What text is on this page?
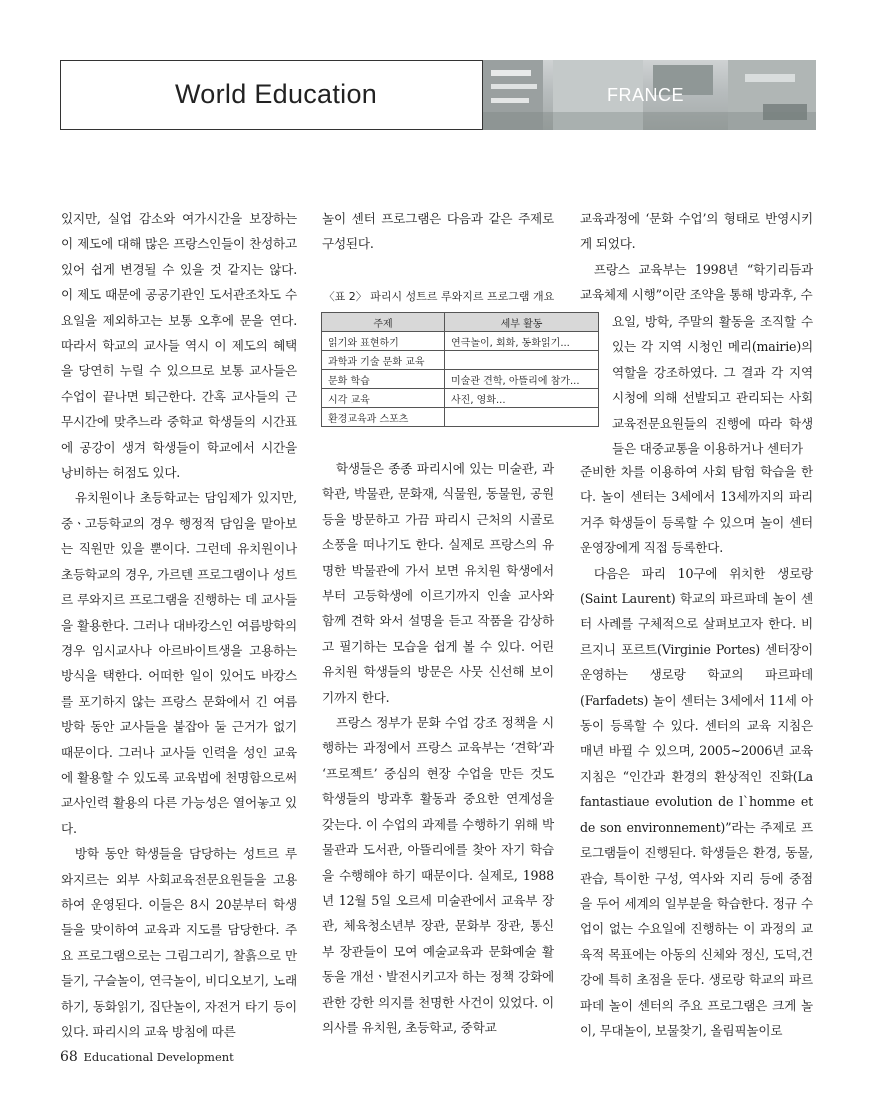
World Education	FRANCE

있지만, 실업 감소와 여가시간을 보장하는 이 제도에 대해 많은 프랑스인들이 찬성하고 있어 쉽게 변경될 수 있을 것 같지는 않다. 이 제도 때문에 공공기관인 도서관조차도 수요일을 제외하고는 보통 오후에 문을 연다. 따라서 학교의 교사들 역시 이 제도의 혜택을 당연히 누릴 수 있으므로 보통 교사들은 수업이 끝나면 퇴근한다. 간혹 교사들의 근무시간에 맞추느라 중학교 학생들의 시간표에 공강이 생겨 학생들이 학교에서 시간을 낭비하는 허점도 있다.

유치원이나 초등학교는 담임제가 있지만, 중ㆍ고등학교의 경우 행정적 담임을 맡아보는 직원만 있을 뿐이다. 그런데 유치원이나 초등학교의 경우, 가르텐 프로그램이나 성트르 루와지르 프로그램을 진행하는 데 교사들을 활용한다. 그러나 대바캉스인 여름방학의 경우 임시교사나 아르바이트생을 고용하는 방식을 택한다. 어떠한 일이 있어도 바캉스를 포기하지 않는 프랑스 문화에서 긴 여름방학 동안 교사들을 붙잡아 둘 근거가 없기 때문이다. 그러나 교사들 인력을 성인 교육에 활용할 수 있도록 교육법에 천명함으로써 교사인력 활용의 다른 가능성은 열어놓고 있다.

방학 동안 학생들을 담당하는 성트르 루와지르는 외부 사회교육전문요원들을 고용하여 운영된다. 이들은 8시 20분부터 학생들을 맞이하여 교육과 지도를 담당한다. 주요 프로그램으로는 그림그리기, 찰흙으로 만들기, 구슬놀이, 연극놀이, 비디오보기, 노래하기, 동화읽기, 집단놀이, 자전거 타기 등이 있다. 파리시의 교육 방침에 따른

놀이 센터 프로그램은 다음과 같은 주제로 구성된다.

〈표 2〉 파리시 성트르 루와지르 프로그램 개요
주제	세부 활동
읽기와 표현하기	연극놀이, 회화, 동화읽기...
과학과 기술 문화 교육	
문화 학습	미술관 견학, 아뜰리에 참가...
시각 교육	사진, 영화...
환경교육과 스포츠	

학생들은 종종 파리시에 있는 미술관, 과학관, 박물관, 문화재, 식물원, 동물원, 공원 등을 방문하고 가끔 파리시 근처의 시골로 소풍을 떠나기도 한다. 실제로 프랑스의 유명한 박물관에 가서 보면 유치원 학생에서부터 고등학생에 이르기까지 인솔 교사와 함께 견학 와서 설명을 듣고 작품을 감상하고 필기하는 모습을 쉽게 볼 수 있다. 어린 유치원 학생들의 방문은 사뭇 신선해 보이기까지 한다.

프랑스 정부가 문화 수업 강조 정책을 시행하는 과정에서 프랑스 교육부는 ‘견학’과 ‘프로젝트’ 중심의 현장 수업을 만든 것도 학생들의 방과후 활동과 중요한 연계성을 갖는다. 이 수업의 과제를 수행하기 위해 박물관과 도서관, 아뜰리에를 찾아 자기 학습을 수행해야 하기 때문이다. 실제로, 1988년 12월 5일 오르세 미술관에서 교육부 장관, 체육청소년부 장관, 문화부 장관, 통신부 장관들이 모여 예술교육과 문화예술 활동을 개선ㆍ발전시키고자 하는 정책 강화에 관한 강한 의지를 천명한 사건이 있었다. 이 의사를 유치원, 초등학교, 중학교

교육과정에 ‘문화 수업’의 형태로 반영시키게 되었다.

프랑스 교육부는 1998년 “학기리듬과 교육체제 시행”이란 조약을 통해 방과후, 수

요일, 방학, 주말의 활동을 조직할 수 있는 각 지역 시청인 메리(mairie)의 역할을 강조하였다. 그 결과 각 지역 시청에 의해 선발되고 관리되는 사회교육전문요원들의 진행에 따라 학생들은 대중교통을 이용하거나 센터가

준비한 차를 이용하여 사회 탐험 학습을 한다. 놀이 센터는 3세에서 13세까지의 파리 거주 학생들이 등록할 수 있으며 놀이 센터 운영장에게 직접 등록한다.

다음은 파리 10구에 위치한 생로랑(Saint Laurent) 학교의 파르파데 놀이 센터 사례를 구체적으로 살펴보고자 한다. 비르지니 포르트(Virginie Portes) 센터장이 운영하는 생로랑 학교의 파르파데(Farfadets) 놀이 센터는 3세에서 11세 아동이 등록할 수 있다. 센터의 교육 지침은 매년 바뀔 수 있으며, 2005~2006년 교육 지침은 “인간과 환경의 환상적인 진화(La fantastiaue evolution de l`homme et de son environnement)”라는 주제로 프로그램들이 진행된다. 학생들은 환경, 동물, 관습, 특이한 구성, 역사와 지리 등에 중점을 두어 세계의 일부분을 학습한다. 정규 수업이 없는 수요일에 진행하는 이 과정의 교육적 목표에는 아동의 신체와 정신, 도덕,건강에 특히 초점을 둔다. 생로랑 학교의 파르파데 놀이 센터의 주요 프로그램은 크게 놀이, 무대놀이, 보물찾기, 올림픽놀이로

68 Educational Development
